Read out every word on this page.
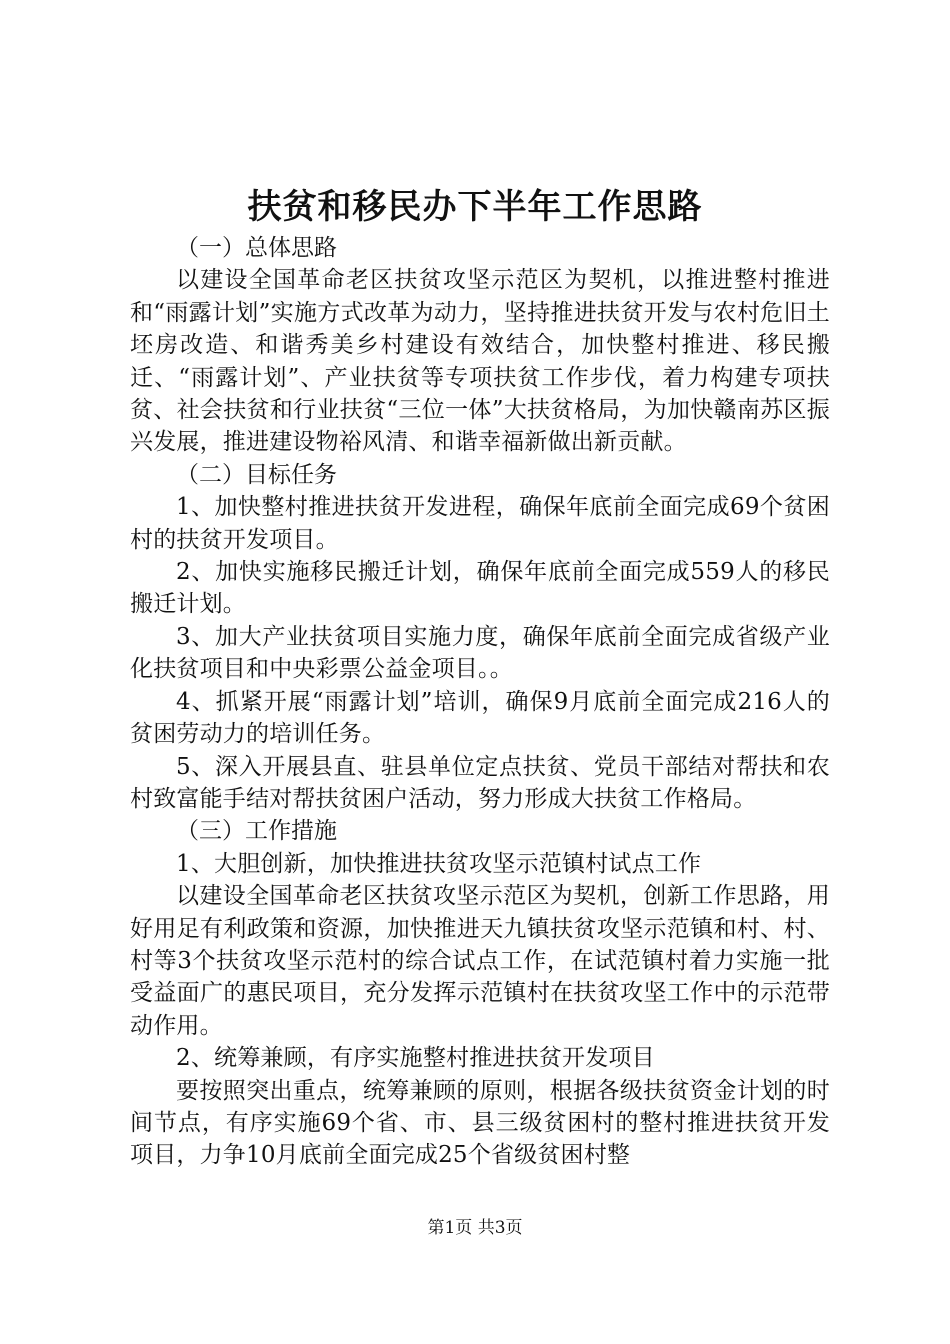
扶贫和移民办下半年工作思路
（一）总体思路

以建设全国革命老区扶贫攻坚示范区为契机，以推进整村推进和“雨露计划”实施方式改革为动力，坚持推进扶贫开发与农村危旧土坯房改造、和谐秀美乡村建设有效结合，加快整村推进、移民搬迁、“雨露计划”、产业扶贫等专项扶贫工作步伐，着力构建专项扶贫、社会扶贫和行业扶贫“三位一体”大扶贫格局，为加快赣南苏区振兴发展，推进建设物裕风清、和谐幸福新做出新贡献。

（二）目标任务

1、加快整村推进扶贫开发进程，确保年底前全面完成69个贫困村的扶贫开发项目。

2、加快实施移民搬迁计划，确保年底前全面完成559人的移民搬迁计划。

3、加大产业扶贫项目实施力度，确保年底前全面完成省级产业化扶贫项目和中央彩票公益金项目。。

4、抓紧开展“雨露计划”培训，确保9月底前全面完成216人的贫困劳动力的培训任务。

5、深入开展县直、驻县单位定点扶贫、党员干部结对帮扶和农村致富能手结对帮扶贫困户活动，努力形成大扶贫工作格局。

（三）工作措施

1、大胆创新，加快推进扶贫攻坚示范镇村试点工作

以建设全国革命老区扶贫攻坚示范区为契机，创新工作思路，用好用足有利政策和资源，加快推进天九镇扶贫攻坚示范镇和村、村、村等3个扶贫攻坚示范村的综合试点工作，在试范镇村着力实施一批受益面广的惠民项目，充分发挥示范镇村在扶贫攻坚工作中的示范带动作用。

2、统筹兼顾，有序实施整村推进扶贫开发项目

要按照突出重点，统筹兼顾的原则，根据各级扶贫资金计划的时间节点，有序实施69个省、市、县三级贫困村的整村推进扶贫开发项目，力争10月底前全面完成25个省级贫困村整

第1页 共3页
